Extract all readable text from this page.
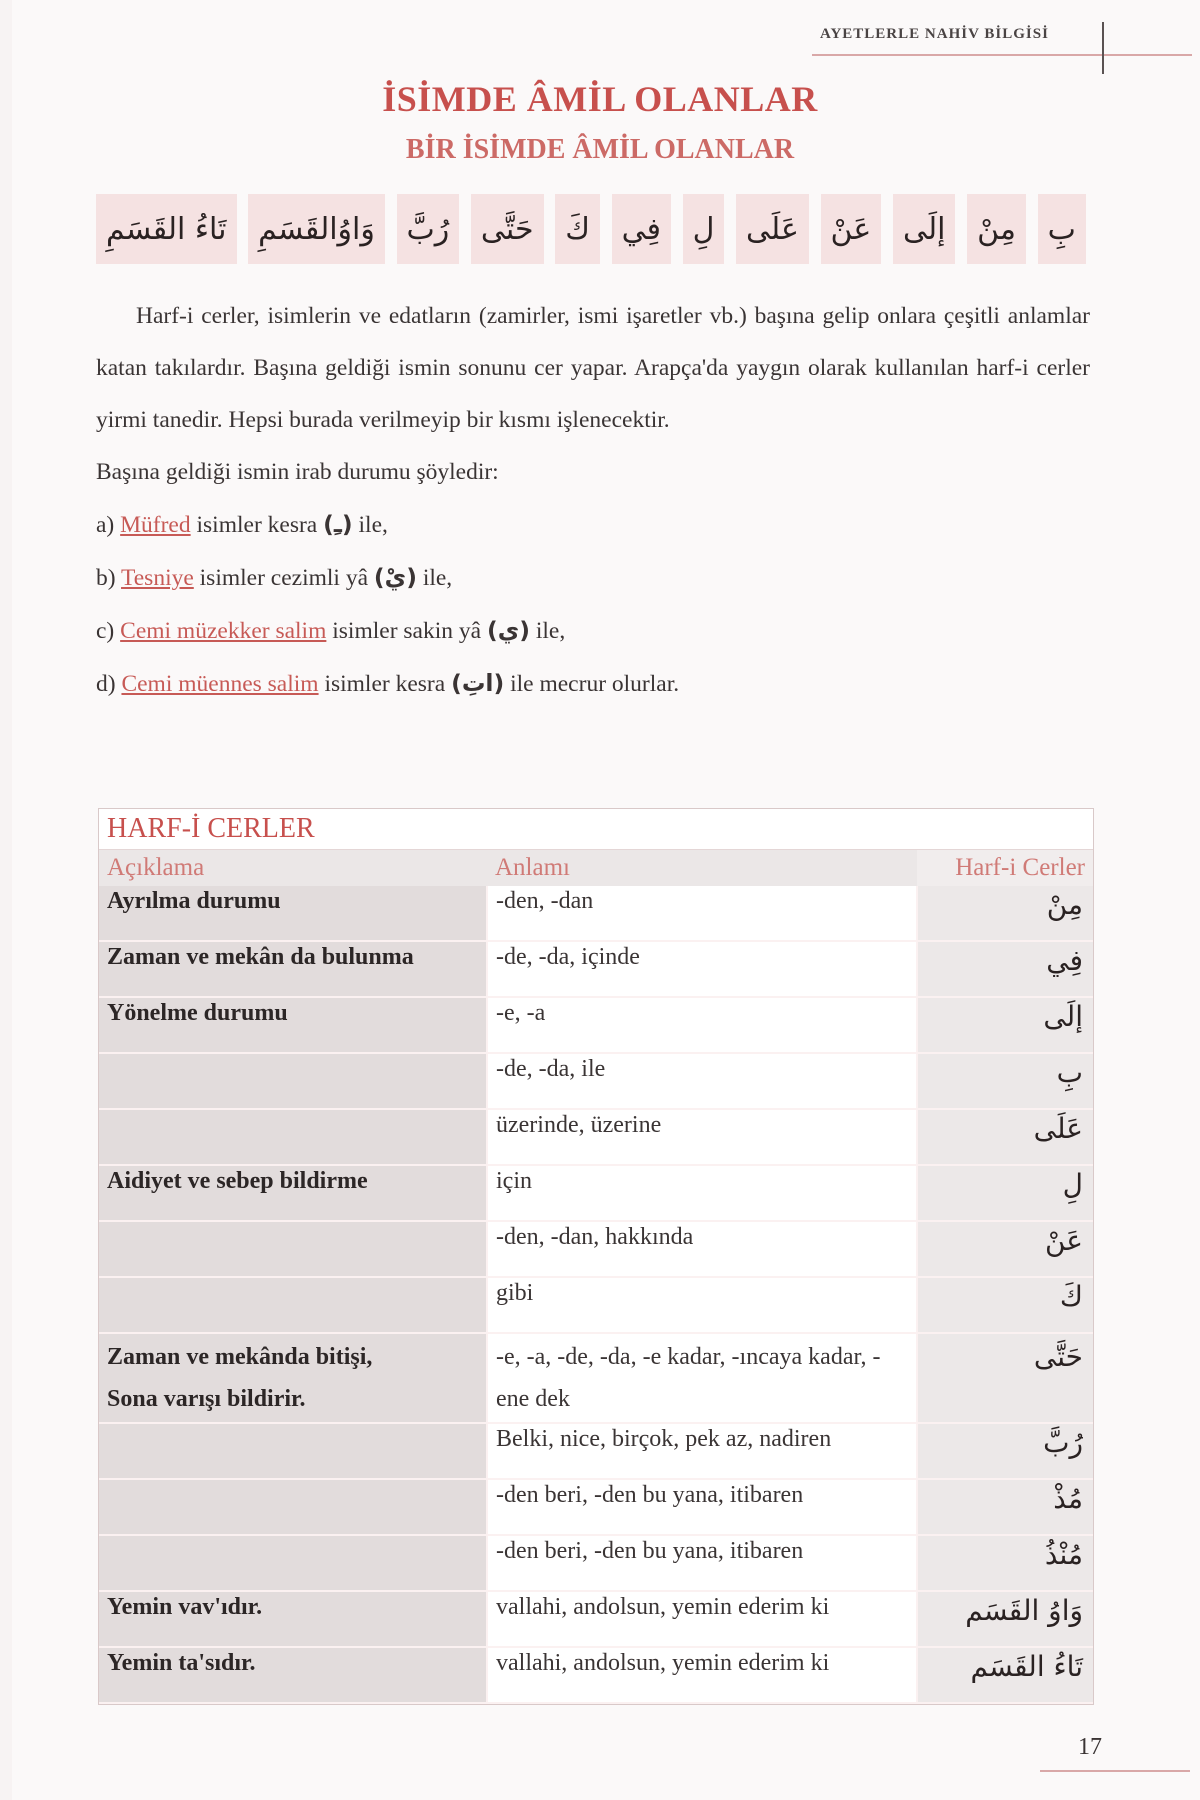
AYETLERLE NAHİV BİLGİSİ
İSİMDE ÂMİL OLANLAR
BİR İSİMDE ÂMİL OLANLAR
بِ
مِنْ
إلَى
عَنْ
عَلَى
لِ
فِي
كَ
حَتَّى
رُبَّ
وَاوُالقَسَمِ
تَاءُ القَسَمِ

Harf-i cerler, isimlerin ve edatların (zamirler, ismi işaretler vb.) başına gelip onlara çeşitli anlamlar katan takılardır. Başına geldiği ismin sonunu cer yapar. Arapça'da yaygın olarak kullanılan harf-i cerler yirmi tanedir. Hepsi burada verilmeyip bir kısmı işlenecektir.

Başına geldiği ismin irab durumu şöyledir:

a) Müfred isimler kesra (ـِ) ile,

b) Tesniye isimler cezimli yâ (يْ) ile,

c) Cemi müzekker salim isimler sakin yâ (ي) ile,

d) Cemi müennes salim isimler kesra (اتِ) ile mecrur olurlar.

HARF-İ CERLER
Açıklama	Anlamı	Harf-i Cerler
Ayrılma durumu	-den, -dan	مِنْ
Zaman ve mekân da bulunma	-de, -da, içinde	فِي
Yönelme durumu	-e, -a	إلَى
	-de, -da, ile	بِ
	üzerinde, üzerine	عَلَى
Aidiyet ve sebep bildirme	için	لِ
	-den, -dan, hakkında	عَنْ
	gibi	كَ
Zaman ve mekânda bitişi,
Sona varışı bildirir.	-e, -a, -de, -da, -e kadar, -ıncaya kadar, -ene dek	حَتَّى
	Belki, nice, birçok, pek az, nadiren	رُبَّ
	-den beri, -den bu yana, itibaren	مُذْ
	-den beri, -den bu yana, itibaren	مُنْذُ
Yemin vav'ıdır.	vallahi, andolsun, yemin ederim ki	وَاوُ القَسَم
Yemin ta'sıdır.	vallahi, andolsun, yemin ederim ki	تَاءُ القَسَم
17
